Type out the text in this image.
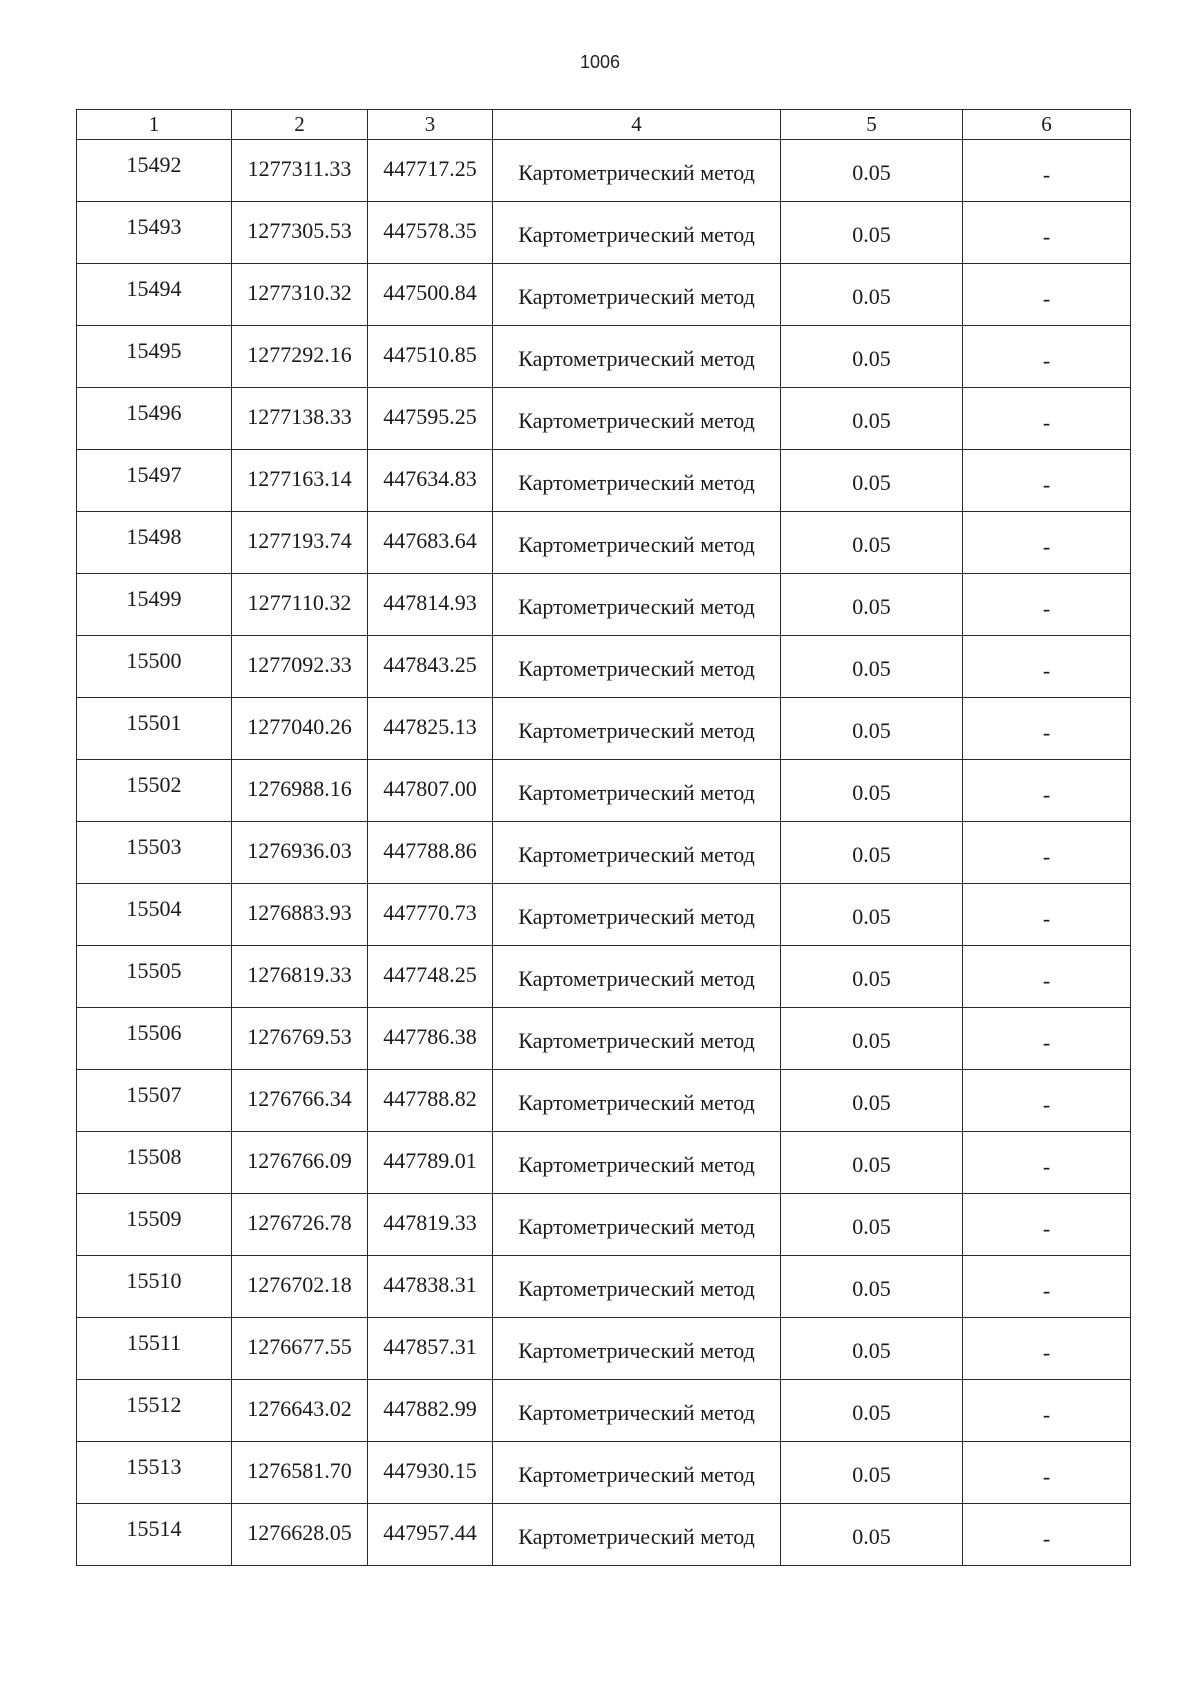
1006
1	2	3	4	5	6

15492	1277311.33	447717.25	Картометрический метод	0.05	-

15493	1277305.53	447578.35	Картометрический метод	0.05	-

15494	1277310.32	447500.84	Картометрический метод	0.05	-

15495	1277292.16	447510.85	Картометрический метод	0.05	-

15496	1277138.33	447595.25	Картометрический метод	0.05	-

15497	1277163.14	447634.83	Картометрический метод	0.05	-

15498	1277193.74	447683.64	Картометрический метод	0.05	-

15499	1277110.32	447814.93	Картометрический метод	0.05	-

15500	1277092.33	447843.25	Картометрический метод	0.05	-

15501	1277040.26	447825.13	Картометрический метод	0.05	-

15502	1276988.16	447807.00	Картометрический метод	0.05	-

15503	1276936.03	447788.86	Картометрический метод	0.05	-

15504	1276883.93	447770.73	Картометрический метод	0.05	-

15505	1276819.33	447748.25	Картометрический метод	0.05	-

15506	1276769.53	447786.38	Картометрический метод	0.05	-

15507	1276766.34	447788.82	Картометрический метод	0.05	-

15508	1276766.09	447789.01	Картометрический метод	0.05	-

15509	1276726.78	447819.33	Картометрический метод	0.05	-

15510	1276702.18	447838.31	Картометрический метод	0.05	-

15511	1276677.55	447857.31	Картометрический метод	0.05	-

15512	1276643.02	447882.99	Картометрический метод	0.05	-

15513	1276581.70	447930.15	Картометрический метод	0.05	-

15514	1276628.05	447957.44	Картометрический метод	0.05	-
